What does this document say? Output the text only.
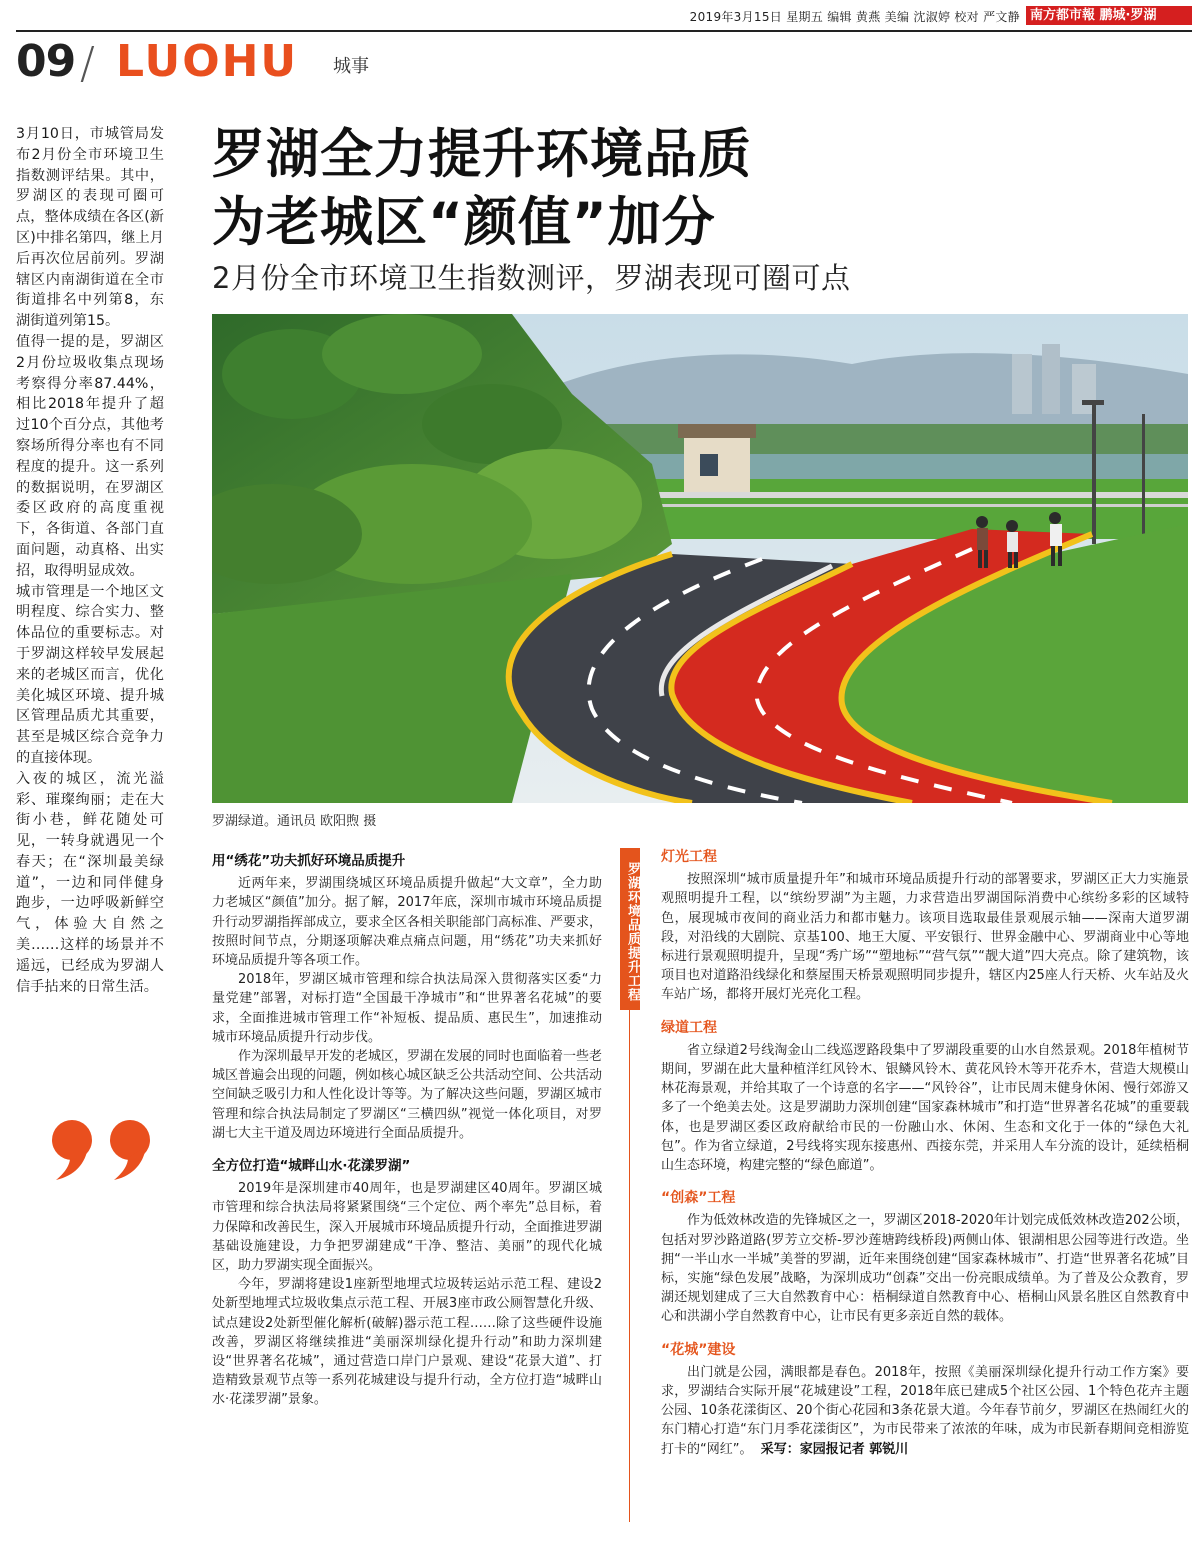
2019年3月15日 星期五 编辑 黄燕 美编 沈淑婷 校对 严文静 南方都市報 鹏城·罗湖
09 / LUOHU 城事

3月10日，市城管局发布2月份全市环境卫生指数测评结果。其中，罗湖区的表现可圈可点，整体成绩在各区(新区)中排名第四，继上月后再次位居前列。罗湖辖区内南湖街道在全市街道排名中列第8，东湖街道列第15。

值得一提的是，罗湖区2月份垃圾收集点现场考察得分率87.44%，相比2018年提升了超过10个百分点，其他考察场所得分率也有不同程度的提升。这一系列的数据说明，在罗湖区委区政府的高度重视下，各街道、各部门直面问题，动真格、出实招，取得明显成效。

城市管理是一个地区文明程度、综合实力、整体品位的重要标志。对于罗湖这样较早发展起来的老城区而言，优化美化城区环境、提升城区管理品质尤其重要，甚至是城区综合竞争力的直接体现。

入夜的城区，流光溢彩、璀璨绚丽；走在大街小巷，鲜花随处可见，一转身就遇见一个春天；在“深圳最美绿道”，一边和同伴健身跑步，一边呼吸新鲜空气，体验大自然之美……这样的场景并不遥远，已经成为罗湖人信手拈来的日常生活。

罗湖全力提升环境品质
为老城区“颜值”加分
2月份全市环境卫生指数测评，罗湖表现可圈可点
罗湖绿道。通讯员 欧阳煦 摄
用“绣花”功夫抓好环境品质提升

近两年来，罗湖围绕城区环境品质提升做起“大文章”，全力助力老城区“颜值”加分。据了解，2017年底，深圳市城市环境品质提升行动罗湖指挥部成立，要求全区各相关职能部门高标准、严要求，按照时间节点，分期逐项解决难点痛点问题，用“绣花”功夫来抓好环境品质提升等各项工作。

2018年，罗湖区城市管理和综合执法局深入贯彻落实区委“力量党建”部署，对标打造“全国最干净城市”和“世界著名花城”的要求，全面推进城市管理工作“补短板、提品质、惠民生”，加速推动城市环境品质提升行动步伐。

作为深圳最早开发的老城区，罗湖在发展的同时也面临着一些老城区普遍会出现的问题，例如核心城区缺乏公共活动空间、公共活动空间缺乏吸引力和人性化设计等等。为了解决这些问题，罗湖区城市管理和综合执法局制定了罗湖区“三横四纵”视觉一体化项目，对罗湖七大主干道及周边环境进行全面品质提升。

全方位打造“城畔山水·花漾罗湖”

2019年是深圳建市40周年，也是罗湖建区40周年。罗湖区城市管理和综合执法局将紧紧围绕“三个定位、两个率先”总目标，着力保障和改善民生，深入开展城市环境品质提升行动，全面推进罗湖基础设施建设，力争把罗湖建成“干净、整洁、美丽”的现代化城区，助力罗湖实现全面振兴。

今年，罗湖将建设1座新型地埋式垃圾转运站示范工程、建设2处新型地埋式垃圾收集点示范工程、开展3座市政公厕智慧化升级、试点建设2处新型催化解析(破解)器示范工程……除了这些硬件设施改善，罗湖区将继续推进“美丽深圳绿化提升行动”和助力深圳建设“世界著名花城”，通过营造口岸门户景观、建设“花景大道”、打造精致景观节点等一系列花城建设与提升行动，全方位打造“城畔山水·花漾罗湖”景象。

罗湖环境品质提升工程
灯光工程

按照深圳“城市质量提升年”和城市环境品质提升行动的部署要求，罗湖区正大力实施景观照明提升工程，以“缤纷罗湖”为主题，力求营造出罗湖国际消费中心缤纷多彩的区域特色，展现城市夜间的商业活力和都市魅力。该项目选取最佳景观展示轴——深南大道罗湖段，对沿线的大剧院、京基100、地王大厦、平安银行、世界金融中心、罗湖商业中心等地标进行景观照明提升，呈现“秀广场”“塑地标”“营气氛”“靓大道”四大亮点。除了建筑物，该项目也对道路沿线绿化和蔡屋围天桥景观照明同步提升，辖区内25座人行天桥、火车站及火车站广场，都将开展灯光亮化工程。

绿道工程

省立绿道2号线淘金山二线巡逻路段集中了罗湖段重要的山水自然景观。2018年植树节期间，罗湖在此大量种植洋红风铃木、银鳞风铃木、黄花风铃木等开花乔木，营造大规模山林花海景观，并给其取了一个诗意的名字——“风铃谷”，让市民周末健身休闲、慢行郊游又多了一个绝美去处。这是罗湖助力深圳创建“国家森林城市”和打造“世界著名花城”的重要载体，也是罗湖区委区政府献给市民的一份融山水、休闲、生态和文化于一体的“绿色大礼包”。作为省立绿道，2号线将实现东接惠州、西接东莞，并采用人车分流的设计，延续梧桐山生态环境，构建完整的“绿色廊道”。

“创森”工程

作为低效林改造的先锋城区之一，罗湖区2018-2020年计划完成低效林改造202公顷，包括对罗沙路道路(罗芳立交桥-罗沙莲塘跨线桥段)两侧山体、银湖相思公园等进行改造。坐拥“一半山水一半城”美誉的罗湖，近年来围绕创建“国家森林城市”、打造“世界著名花城”目标，实施“绿色发展”战略，为深圳成功“创森”交出一份亮眼成绩单。为了普及公众教育，罗湖还规划建成了三大自然教育中心：梧桐绿道自然教育中心、梧桐山风景名胜区自然教育中心和洪湖小学自然教育中心，让市民有更多亲近自然的载体。

“花城”建设

出门就是公园，满眼都是春色。2018年，按照《美丽深圳绿化提升行动工作方案》要求，罗湖结合实际开展“花城建设”工程，2018年底已建成5个社区公园、1个特色花卉主题公园、10条花漾街区、20个街心花园和3条花景大道。今年春节前夕，罗湖区在热闹红火的东门精心打造“东门月季花漾街区”，为市民带来了浓浓的年味，成为市民新春期间竞相游览打卡的“网红”。 采写：家园报记者 郭锐川
